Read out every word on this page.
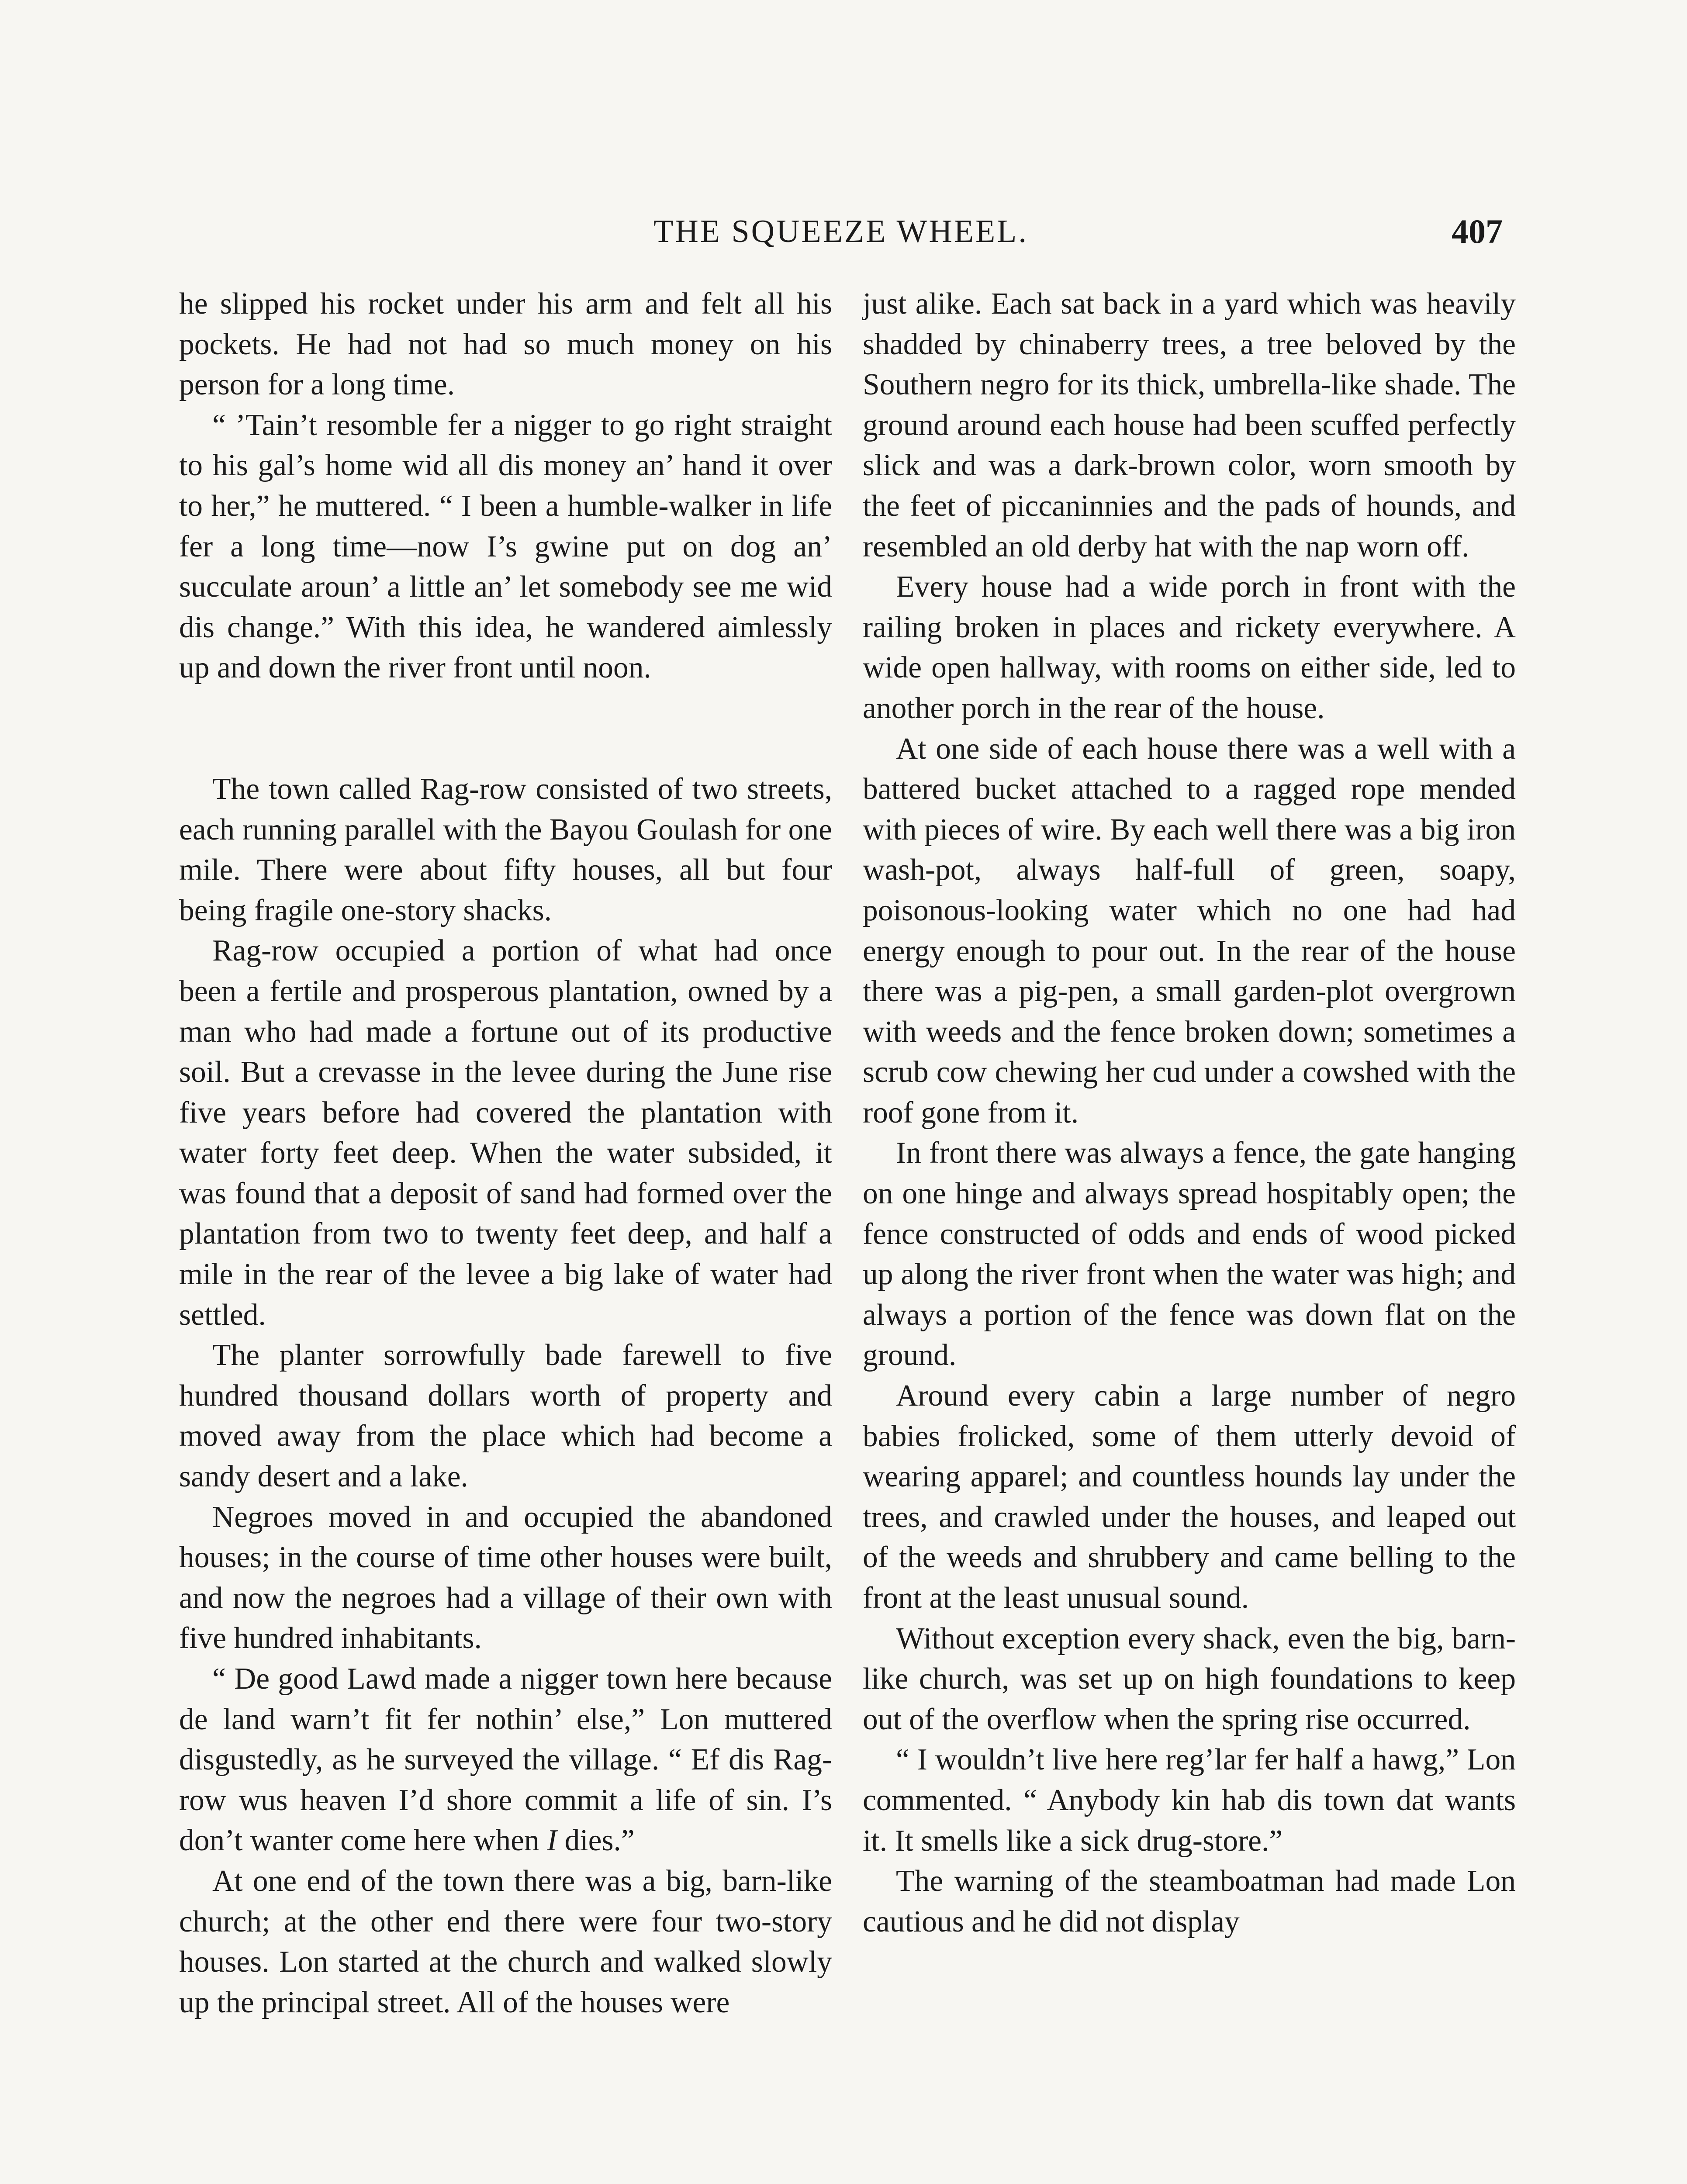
THE SQUEEZE WHEEL.	407

he slipped his rocket under his arm and felt all his pockets. He had not had so much money on his person for a long time.

“ ’Tain’t resomble fer a nigger to go right straight to his gal’s home wid all dis money an’ hand it over to her,” he muttered. “ I been a humble-walker in life fer a long time—now I’s gwine put on dog an’ succulate aroun’ a little an’ let somebody see me wid dis change.” With this idea, he wandered aimlessly up and down the river front until noon.

The town called Rag-row consisted of two streets, each running parallel with the Bayou Goulash for one mile. There were about fifty houses, all but four being fragile one-story shacks.

Rag-row occupied a portion of what had once been a fertile and prosperous plantation, owned by a man who had made a fortune out of its productive soil. But a crevasse in the levee during the June rise five years before had covered the plantation with water forty feet deep. When the water subsided, it was found that a deposit of sand had formed over the plantation from two to twenty feet deep, and half a mile in the rear of the levee a big lake of water had settled.

The planter sorrowfully bade farewell to five hundred thousand dollars worth of property and moved away from the place which had become a sandy desert and a lake.

Negroes moved in and occupied the abandoned houses; in the course of time other houses were built, and now the negroes had a village of their own with five hundred inhabitants.

“ De good Lawd made a nigger town here because de land warn’t fit fer nothin’ else,” Lon muttered disgustedly, as he surveyed the village. “ Ef dis Rag-row wus heaven I’d shore commit a life of sin. I’s don’t wanter come here when I dies.”

At one end of the town there was a big, barn-like church; at the other end there were four two-story houses. Lon started at the church and walked slowly up the principal street. All of the houses were

just alike. Each sat back in a yard which was heavily shadded by chinaberry trees, a tree beloved by the Southern negro for its thick, umbrella-like shade. The ground around each house had been scuffed perfectly slick and was a dark-brown color, worn smooth by the feet of piccaninnies and the pads of hounds, and resembled an old derby hat with the nap worn off.

Every house had a wide porch in front with the railing broken in places and rickety everywhere. A wide open hallway, with rooms on either side, led to another porch in the rear of the house.

At one side of each house there was a well with a battered bucket attached to a ragged rope mended with pieces of wire. By each well there was a big iron wash-pot, always half-full of green, soapy, poisonous-looking water which no one had had energy enough to pour out. In the rear of the house there was a pig-pen, a small garden-plot overgrown with weeds and the fence broken down; sometimes a scrub cow chewing her cud under a cowshed with the roof gone from it.

In front there was always a fence, the gate hanging on one hinge and always spread hospitably open; the fence constructed of odds and ends of wood picked up along the river front when the water was high; and always a portion of the fence was down flat on the ground.

Around every cabin a large number of negro babies frolicked, some of them utterly devoid of wearing apparel; and countless hounds lay under the trees, and crawled under the houses, and leaped out of the weeds and shrubbery and came belling to the front at the least unusual sound.

Without exception every shack, even the big, barn-like church, was set up on high foundations to keep out of the overflow when the spring rise occurred.

“ I wouldn’t live here reg’lar fer half a hawg,” Lon commented. “ Anybody kin hab dis town dat wants it. It smells like a sick drug-store.”

The warning of the steamboatman had made Lon cautious and he did not display
